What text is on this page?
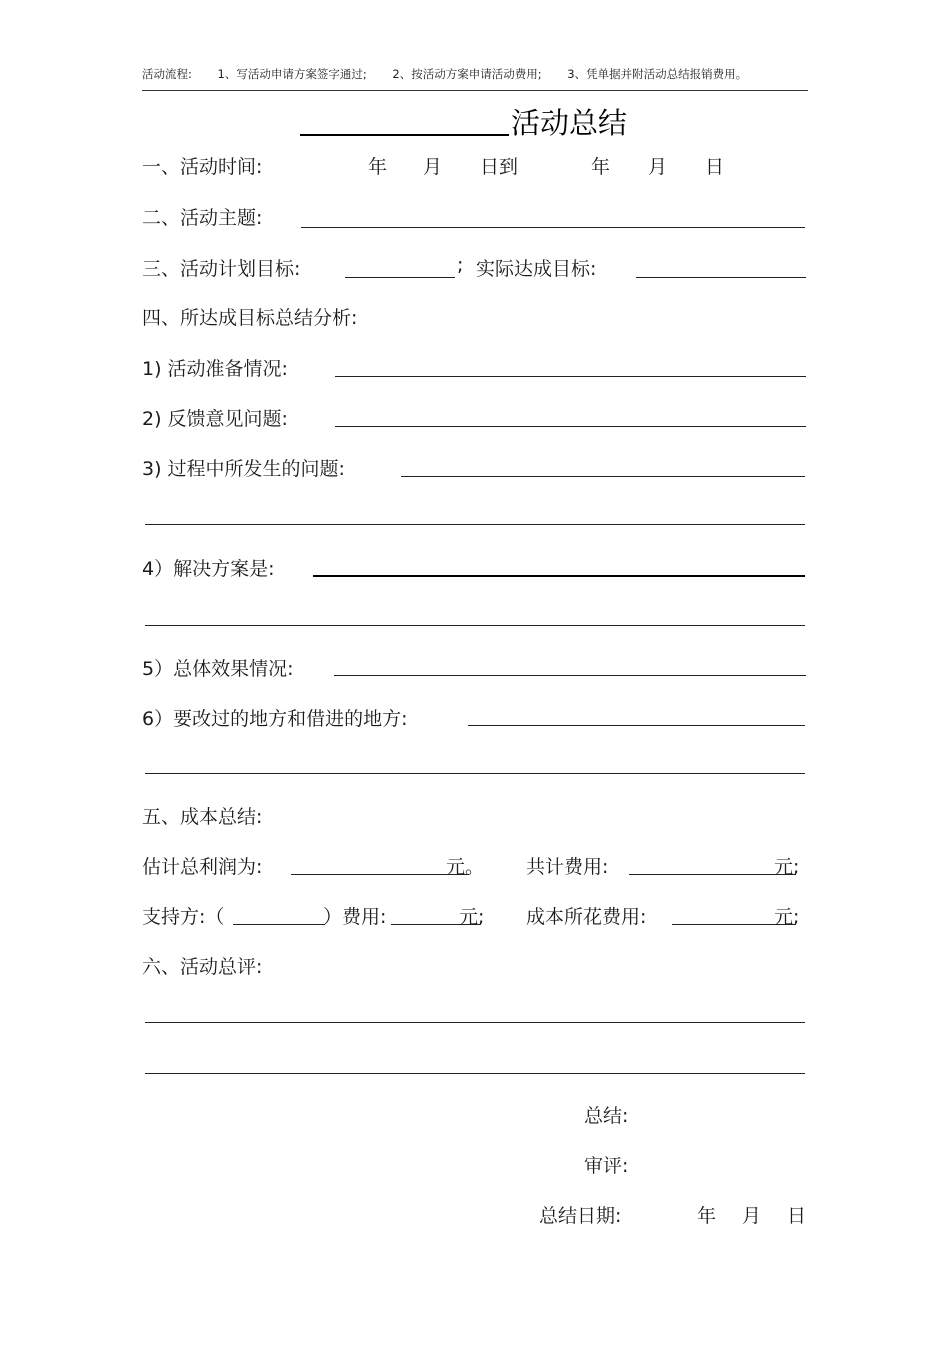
活动流程: 1、写活动申请方案签字通过; 2、按活动方案申请活动费用; 3、凭单据并附活动总结报销费用。
活动总结
一、活动时间:	年 月 日到	年 月 日
二、活动主题:
三、活动计划目标:	; 实际达成目标:
四、所达成目标总结分析:
1) 活动准备情况:
2) 反馈意见问题:
3) 过程中所发生的问题:
4）解决方案是:
5）总体效果情况:
6）要改过的地方和借进的地方:
五、成本总结:
估计总利润为:	元。 共计费用:	元;
支持方:（	）费用:	元; 成本所花费用:	元;
六、活动总评:
总结:
审评:
总结日期:	年 月 日
